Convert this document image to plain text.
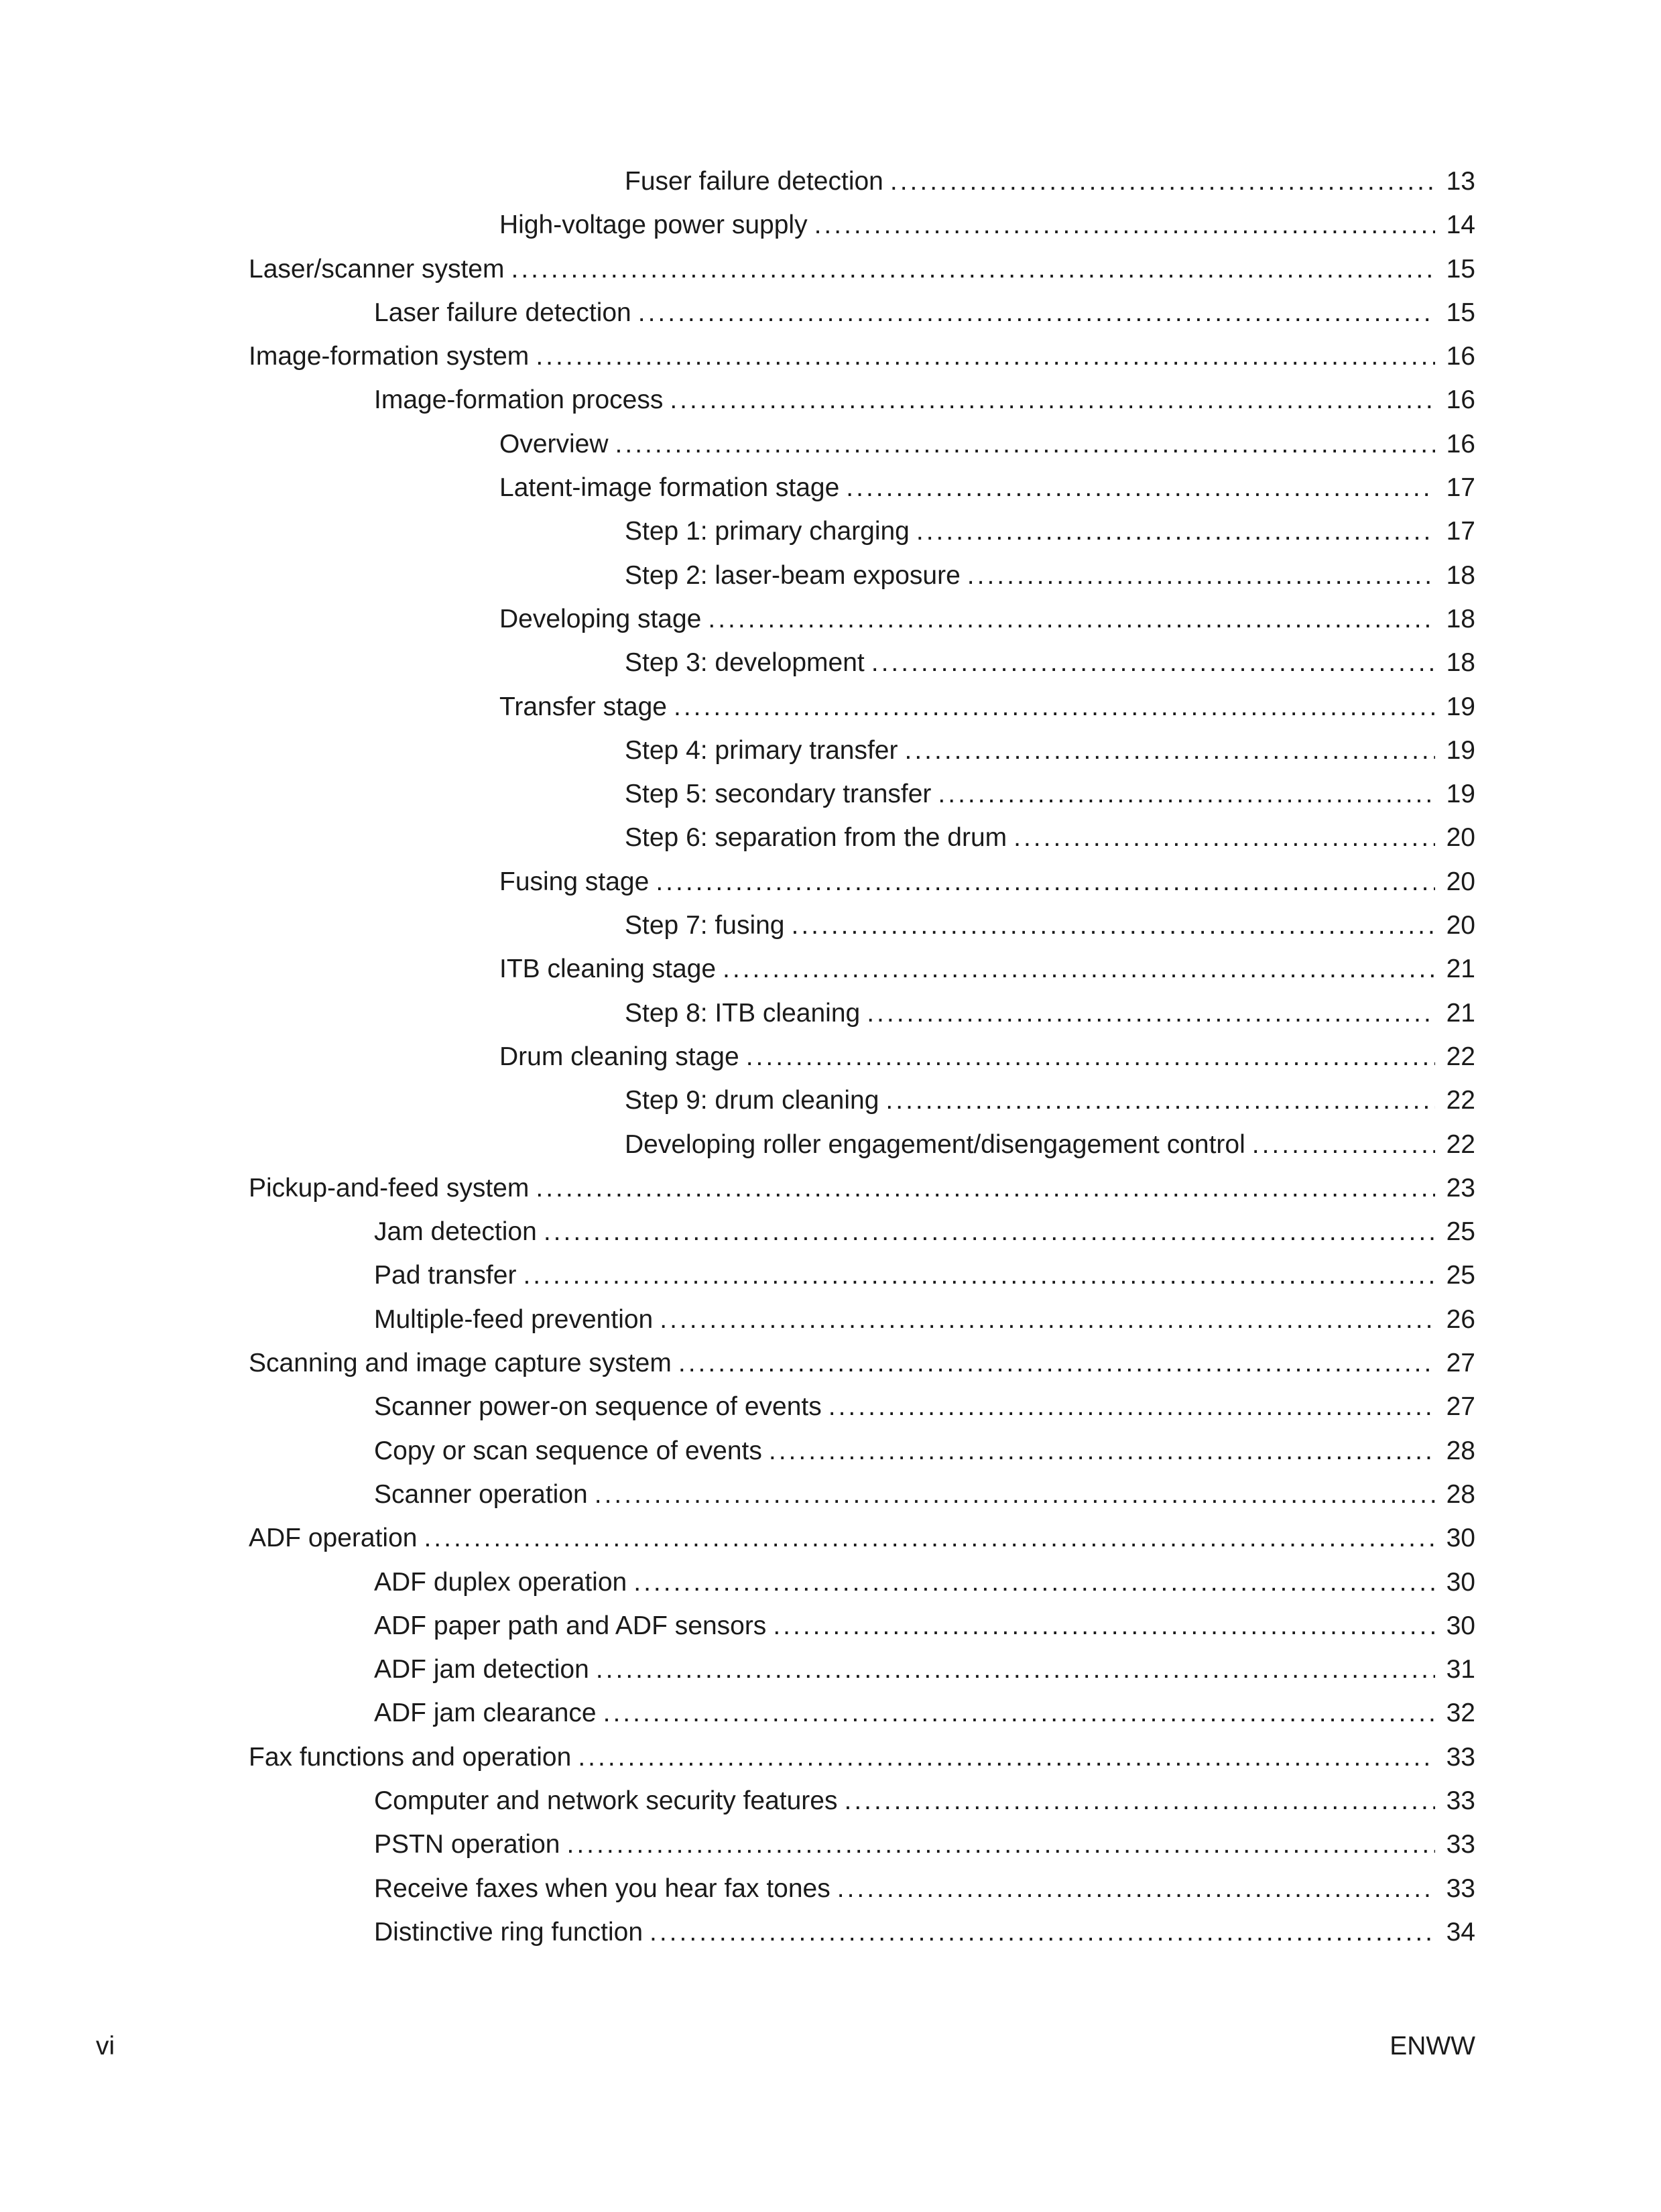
Fuser failure detection .....	13
High-voltage power supply .....	14
Laser/scanner system .....	15
Laser failure detection .....	15
Image-formation system .....	16
Image-formation process .....	16
Overview .....	16
Latent-image formation stage .....	17
Step 1: primary charging .....	17
Step 2: laser-beam exposure .....	18
Developing stage .....	18
Step 3: development .....	18
Transfer stage .....	19
Step 4: primary transfer .....	19
Step 5: secondary transfer .....	19
Step 6: separation from the drum .....	20
Fusing stage .....	20
Step 7: fusing .....	20
ITB cleaning stage .....	21
Step 8: ITB cleaning .....	21
Drum cleaning stage .....	22
Step 9: drum cleaning .....	22
Developing roller engagement/disengagement control .....	22
Pickup-and-feed system .....	23
Jam detection .....	25
Pad transfer .....	25
Multiple-feed prevention .....	26
Scanning and image capture system .....	27
Scanner power-on sequence of events .....	27
Copy or scan sequence of events .....	28
Scanner operation .....	28
ADF operation .....	30
ADF duplex operation .....	30
ADF paper path and ADF sensors .....	30
ADF jam detection .....	31
ADF jam clearance .....	32
Fax functions and operation .....	33
Computer and network security features .....	33
PSTN operation .....	33
Receive faxes when you hear fax tones .....	33
Distinctive ring function .....	34
vi	ENWW
